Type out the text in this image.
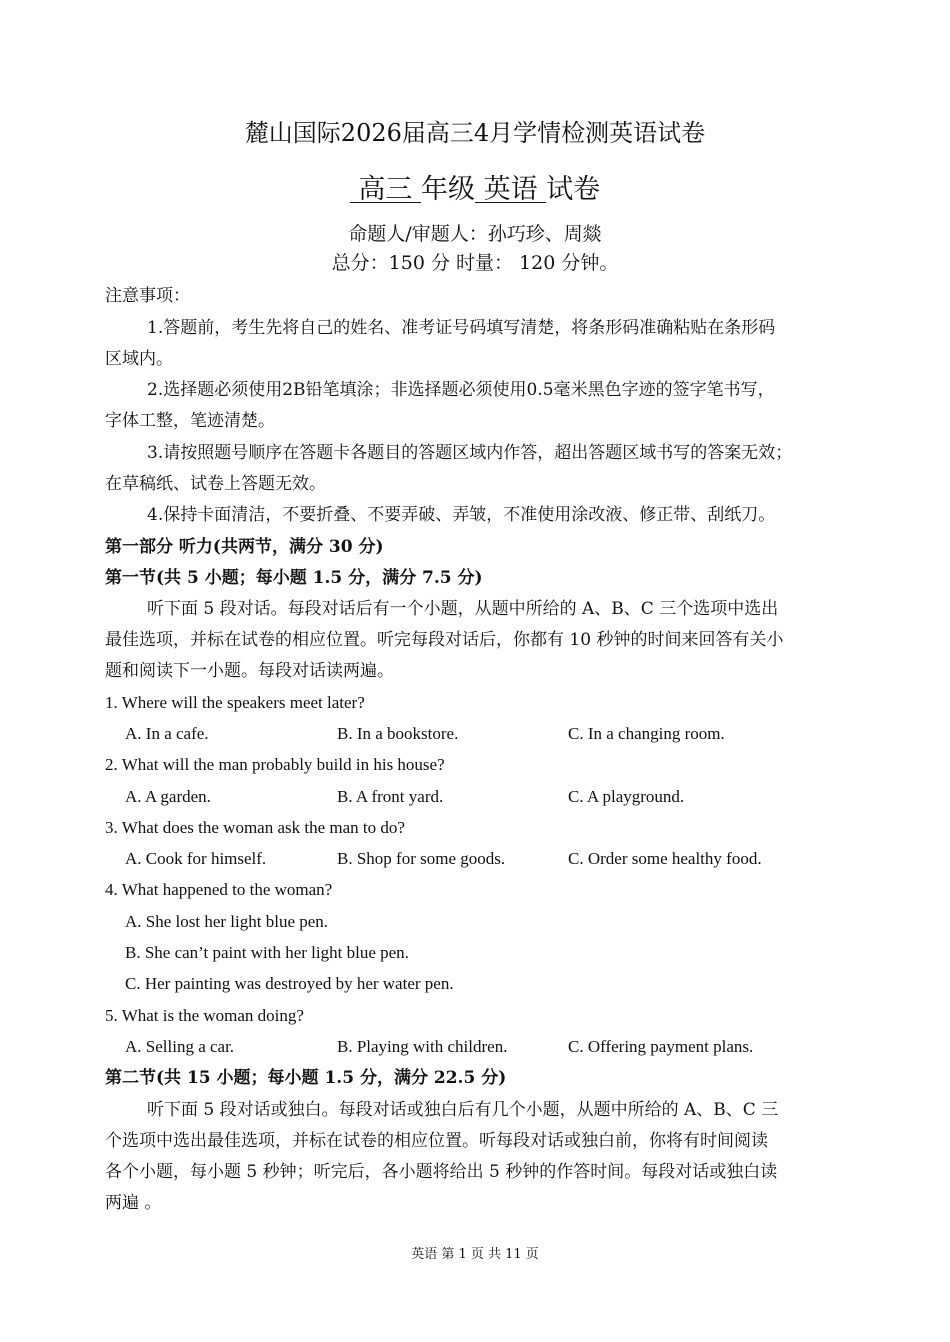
麓山国际2026届高三4月学情检测英语试卷
高三 年级 英语 试卷
命题人/审题人：孙巧珍、周燚
总分：150 分 时量： 120 分钟。
注意事项：
1.答题前，考生先将自己的姓名、准考证号码填写清楚，将条形码准确粘贴在条形码
区域内。
2.选择题必须使用2B铅笔填涂；非选择题必须使用0.5毫米黑色字迹的签字笔书写，
字体工整，笔迹清楚。
3.请按照题号顺序在答题卡各题目的答题区域内作答，超出答题区域书写的答案无效；
在草稿纸、试卷上答题无效。
4.保持卡面清洁，不要折叠、不要弄破、弄皱，不准使用涂改液、修正带、刮纸刀。
第一部分 听力(共两节，满分 30 分)
第一节(共 5 小题；每小题 1.5 分，满分 7.5 分)
听下面 5 段对话。每段对话后有一个小题，从题中所给的 A、B、C 三个选项中选出
最佳选项，并标在试卷的相应位置。听完每段对话后，你都有 10 秒钟的时间来回答有关小
题和阅读下一小题。每段对话读两遍。
1. Where will the speakers meet later?
A. In a cafe.	B. In a bookstore.	C. In a changing room.
2. What will the man probably build in his house?
A. A garden.	B. A front yard.	C. A playground.
3. What does the woman ask the man to do?
A. Cook for himself.	B. Shop for some goods.	C. Order some healthy food.
4. What happened to the woman?
A. She lost her light blue pen.
B. She can’t paint with her light blue pen.
C. Her painting was destroyed by her water pen.
5. What is the woman doing?
A. Selling a car.	B. Playing with children.	C. Offering payment plans.
第二节(共 15 小题；每小题 1.5 分，满分 22.5 分)
听下面 5 段对话或独白。每段对话或独白后有几个小题，从题中所给的 A、B、C 三
个选项中选出最佳选项，并标在试卷的相应位置。听每段对话或独白前，你将有时间阅读
各个小题，每小题 5 秒钟；听完后，各小题将给出 5 秒钟的作答时间。每段对话或独白读
两遍 。
英语 第 1 页 共 11 页
